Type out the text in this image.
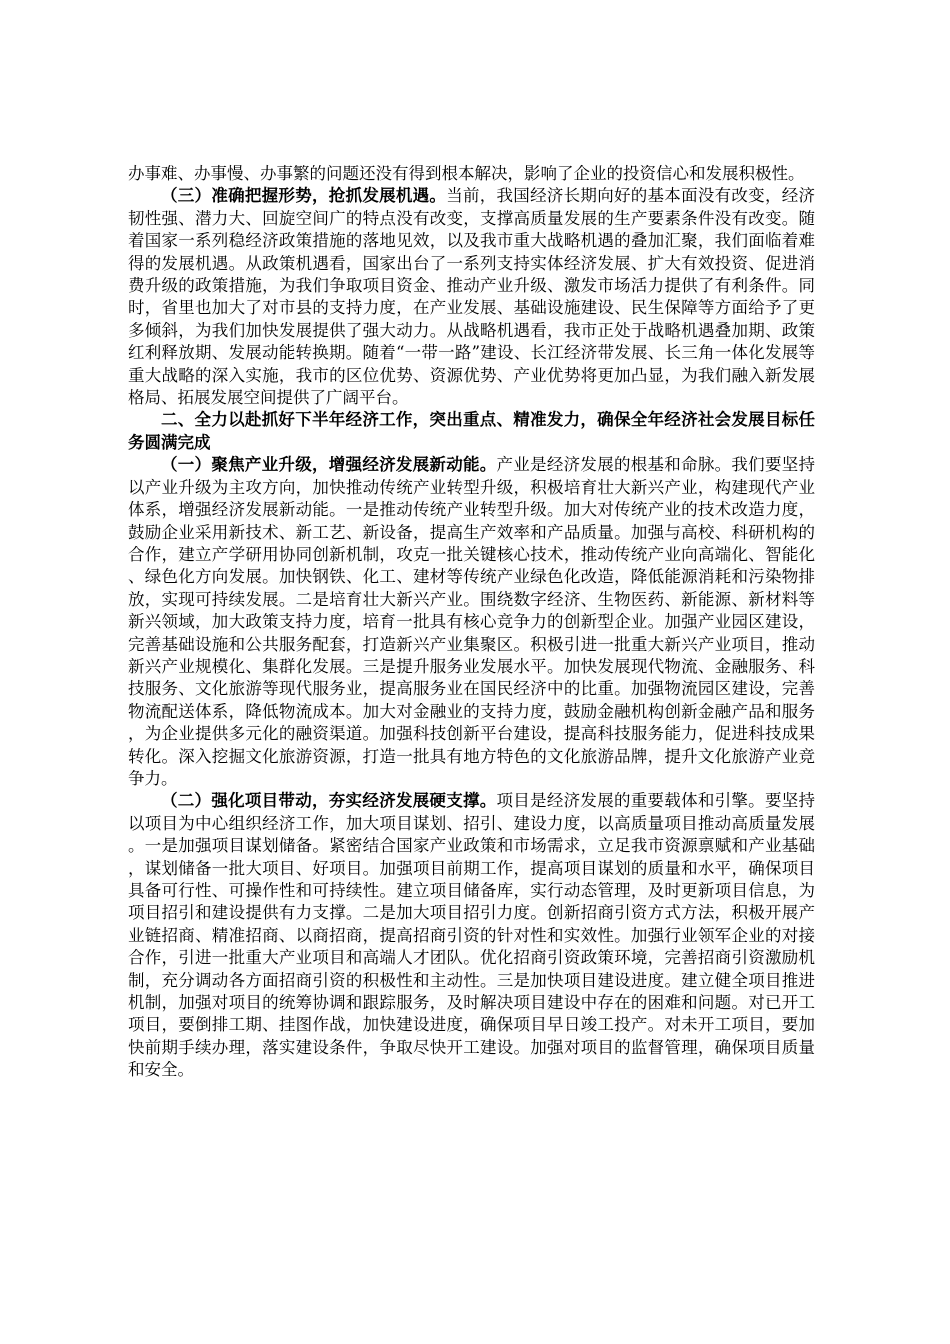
办事难、办事慢、办事繁的问题还没有得到根本解决，影响了企业的投资信心和发展积极性。

（三）准确把握形势，抢抓发展机遇。当前，我国经济长期向好的基本面没有改变，经济韧性强、潜力大、回旋空间广的特点没有改变，支撑高质量发展的生产要素条件没有改变。随着国家一系列稳经济政策措施的落地见效，以及我市重大战略机遇的叠加汇聚，我们面临着难得的发展机遇。从政策机遇看，国家出台了一系列支持实体经济发展、扩大有效投资、促进消费升级的政策措施，为我们争取项目资金、推动产业升级、激发市场活力提供了有利条件。同时，省里也加大了对市县的支持力度，在产业发展、基础设施建设、民生保障等方面给予了更多倾斜，为我们加快发展提供了强大动力。从战略机遇看，我市正处于战略机遇叠加期、政策红利释放期、发展动能转换期。随着“一带一路”建设、长江经济带发展、长三角一体化发展等重大战略的深入实施，我市的区位优势、资源优势、产业优势将更加凸显，为我们融入新发展格局、拓展发展空间提供了广阔平台。

二、全力以赴抓好下半年经济工作，突出重点、精准发力，确保全年经济社会发展目标任务圆满完成

（一）聚焦产业升级，增强经济发展新动能。产业是经济发展的根基和命脉。我们要坚持以产业升级为主攻方向，加快推动传统产业转型升级，积极培育壮大新兴产业，构建现代产业体系，增强经济发展新动能。一是推动传统产业转型升级。加大对传统产业的技术改造力度，鼓励企业采用新技术、新工艺、新设备，提高生产效率和产品质量。加强与高校、科研机构的合作，建立产学研用协同创新机制，攻克一批关键核心技术，推动传统产业向高端化、智能化、绿色化方向发展。加快钢铁、化工、建材等传统产业绿色化改造，降低能源消耗和污染物排放，实现可持续发展。二是培育壮大新兴产业。围绕数字经济、生物医药、新能源、新材料等新兴领域，加大政策支持力度，培育一批具有核心竞争力的创新型企业。加强产业园区建设，完善基础设施和公共服务配套，打造新兴产业集聚区。积极引进一批重大新兴产业项目，推动新兴产业规模化、集群化发展。三是提升服务业发展水平。加快发展现代物流、金融服务、科技服务、文化旅游等现代服务业，提高服务业在国民经济中的比重。加强物流园区建设，完善物流配送体系，降低物流成本。加大对金融业的支持力度，鼓励金融机构创新金融产品和服务，为企业提供多元化的融资渠道。加强科技创新平台建设，提高科技服务能力，促进科技成果转化。深入挖掘文化旅游资源，打造一批具有地方特色的文化旅游品牌，提升文化旅游产业竞争力。

（二）强化项目带动，夯实经济发展硬支撑。项目是经济发展的重要载体和引擎。要坚持以项目为中心组织经济工作，加大项目谋划、招引、建设力度，以高质量项目推动高质量发展。一是加强项目谋划储备。紧密结合国家产业政策和市场需求，立足我市资源禀赋和产业基础，谋划储备一批大项目、好项目。加强项目前期工作，提高项目谋划的质量和水平，确保项目具备可行性、可操作性和可持续性。建立项目储备库，实行动态管理，及时更新项目信息，为项目招引和建设提供有力支撑。二是加大项目招引力度。创新招商引资方式方法，积极开展产业链招商、精准招商、以商招商，提高招商引资的针对性和实效性。加强行业领军企业的对接合作，引进一批重大产业项目和高端人才团队。优化招商引资政策环境，完善招商引资激励机制，充分调动各方面招商引资的积极性和主动性。三是加快项目建设进度。建立健全项目推进机制，加强对项目的统筹协调和跟踪服务，及时解决项目建设中存在的困难和问题。对已开工项目，要倒排工期、挂图作战，加快建设进度，确保项目早日竣工投产。对未开工项目，要加快前期手续办理，落实建设条件，争取尽快开工建设。加强对项目的监督管理，确保项目质量和安全。
